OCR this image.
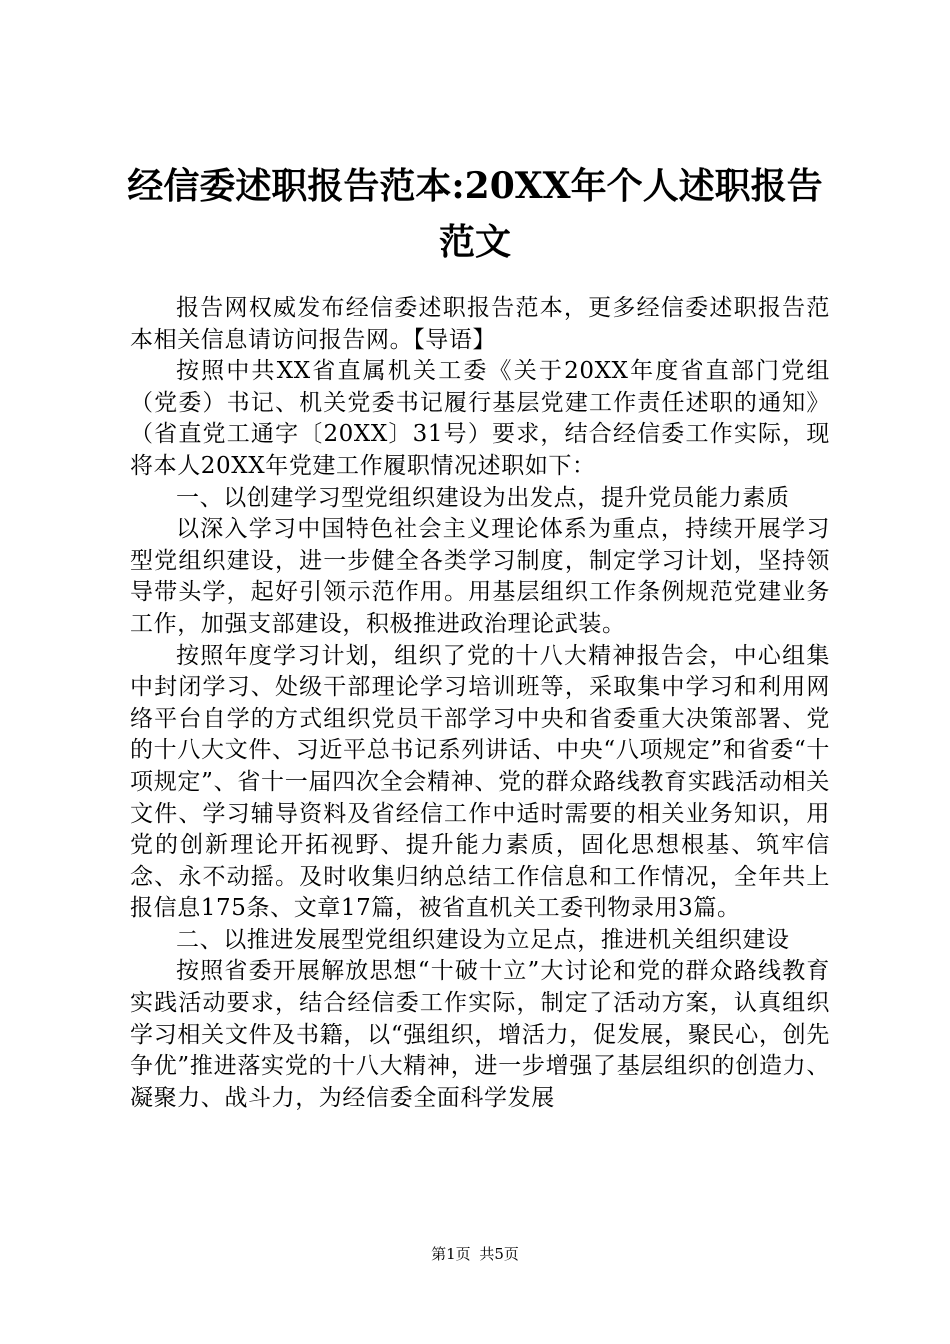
经信委述职报告范本:20XX年个人述职报告范文

报告网权威发布经信委述职报告范本，更多经信委述职报告范本相关信息请访问报告网。【导语】

按照中共XX省直属机关工委《关于20XX年度省直部门党组（党委）书记、机关党委书记履行基层党建工作责任述职的通知》（省直党工通字〔20XX〕31号）要求，结合经信委工作实际，现将本人20XX年党建工作履职情况述职如下：

一、以创建学习型党组织建设为出发点，提升党员能力素质

以深入学习中国特色社会主义理论体系为重点，持续开展学习型党组织建设，进一步健全各类学习制度，制定学习计划，坚持领导带头学，起好引领示范作用。用基层组织工作条例规范党建业务工作，加强支部建设，积极推进政治理论武装。

按照年度学习计划，组织了党的十八大精神报告会，中心组集中封闭学习、处级干部理论学习培训班等，采取集中学习和利用网络平台自学的方式组织党员干部学习中央和省委重大决策部署、党的十八大文件、习近平总书记系列讲话、中央“八项规定”和省委“十项规定”、省十一届四次全会精神、党的群众路线教育实践活动相关文件、学习辅导资料及省经信工作中适时需要的相关业务知识，用党的创新理论开拓视野、提升能力素质，固化思想根基、筑牢信念、永不动摇。及时收集归纳总结工作信息和工作情况，全年共上报信息175条、文章17篇，被省直机关工委刊物录用3篇。

二、以推进发展型党组织建设为立足点，推进机关组织建设

按照省委开展解放思想“十破十立”大讨论和党的群众路线教育实践活动要求，结合经信委工作实际，制定了活动方案，认真组织学习相关文件及书籍，以“强组织，增活力，促发展，聚民心，创先争优”推进落实党的十八大精神，进一步增强了基层组织的创造力、凝聚力、战斗力，为经信委全面科学发展

第1页 共5页
